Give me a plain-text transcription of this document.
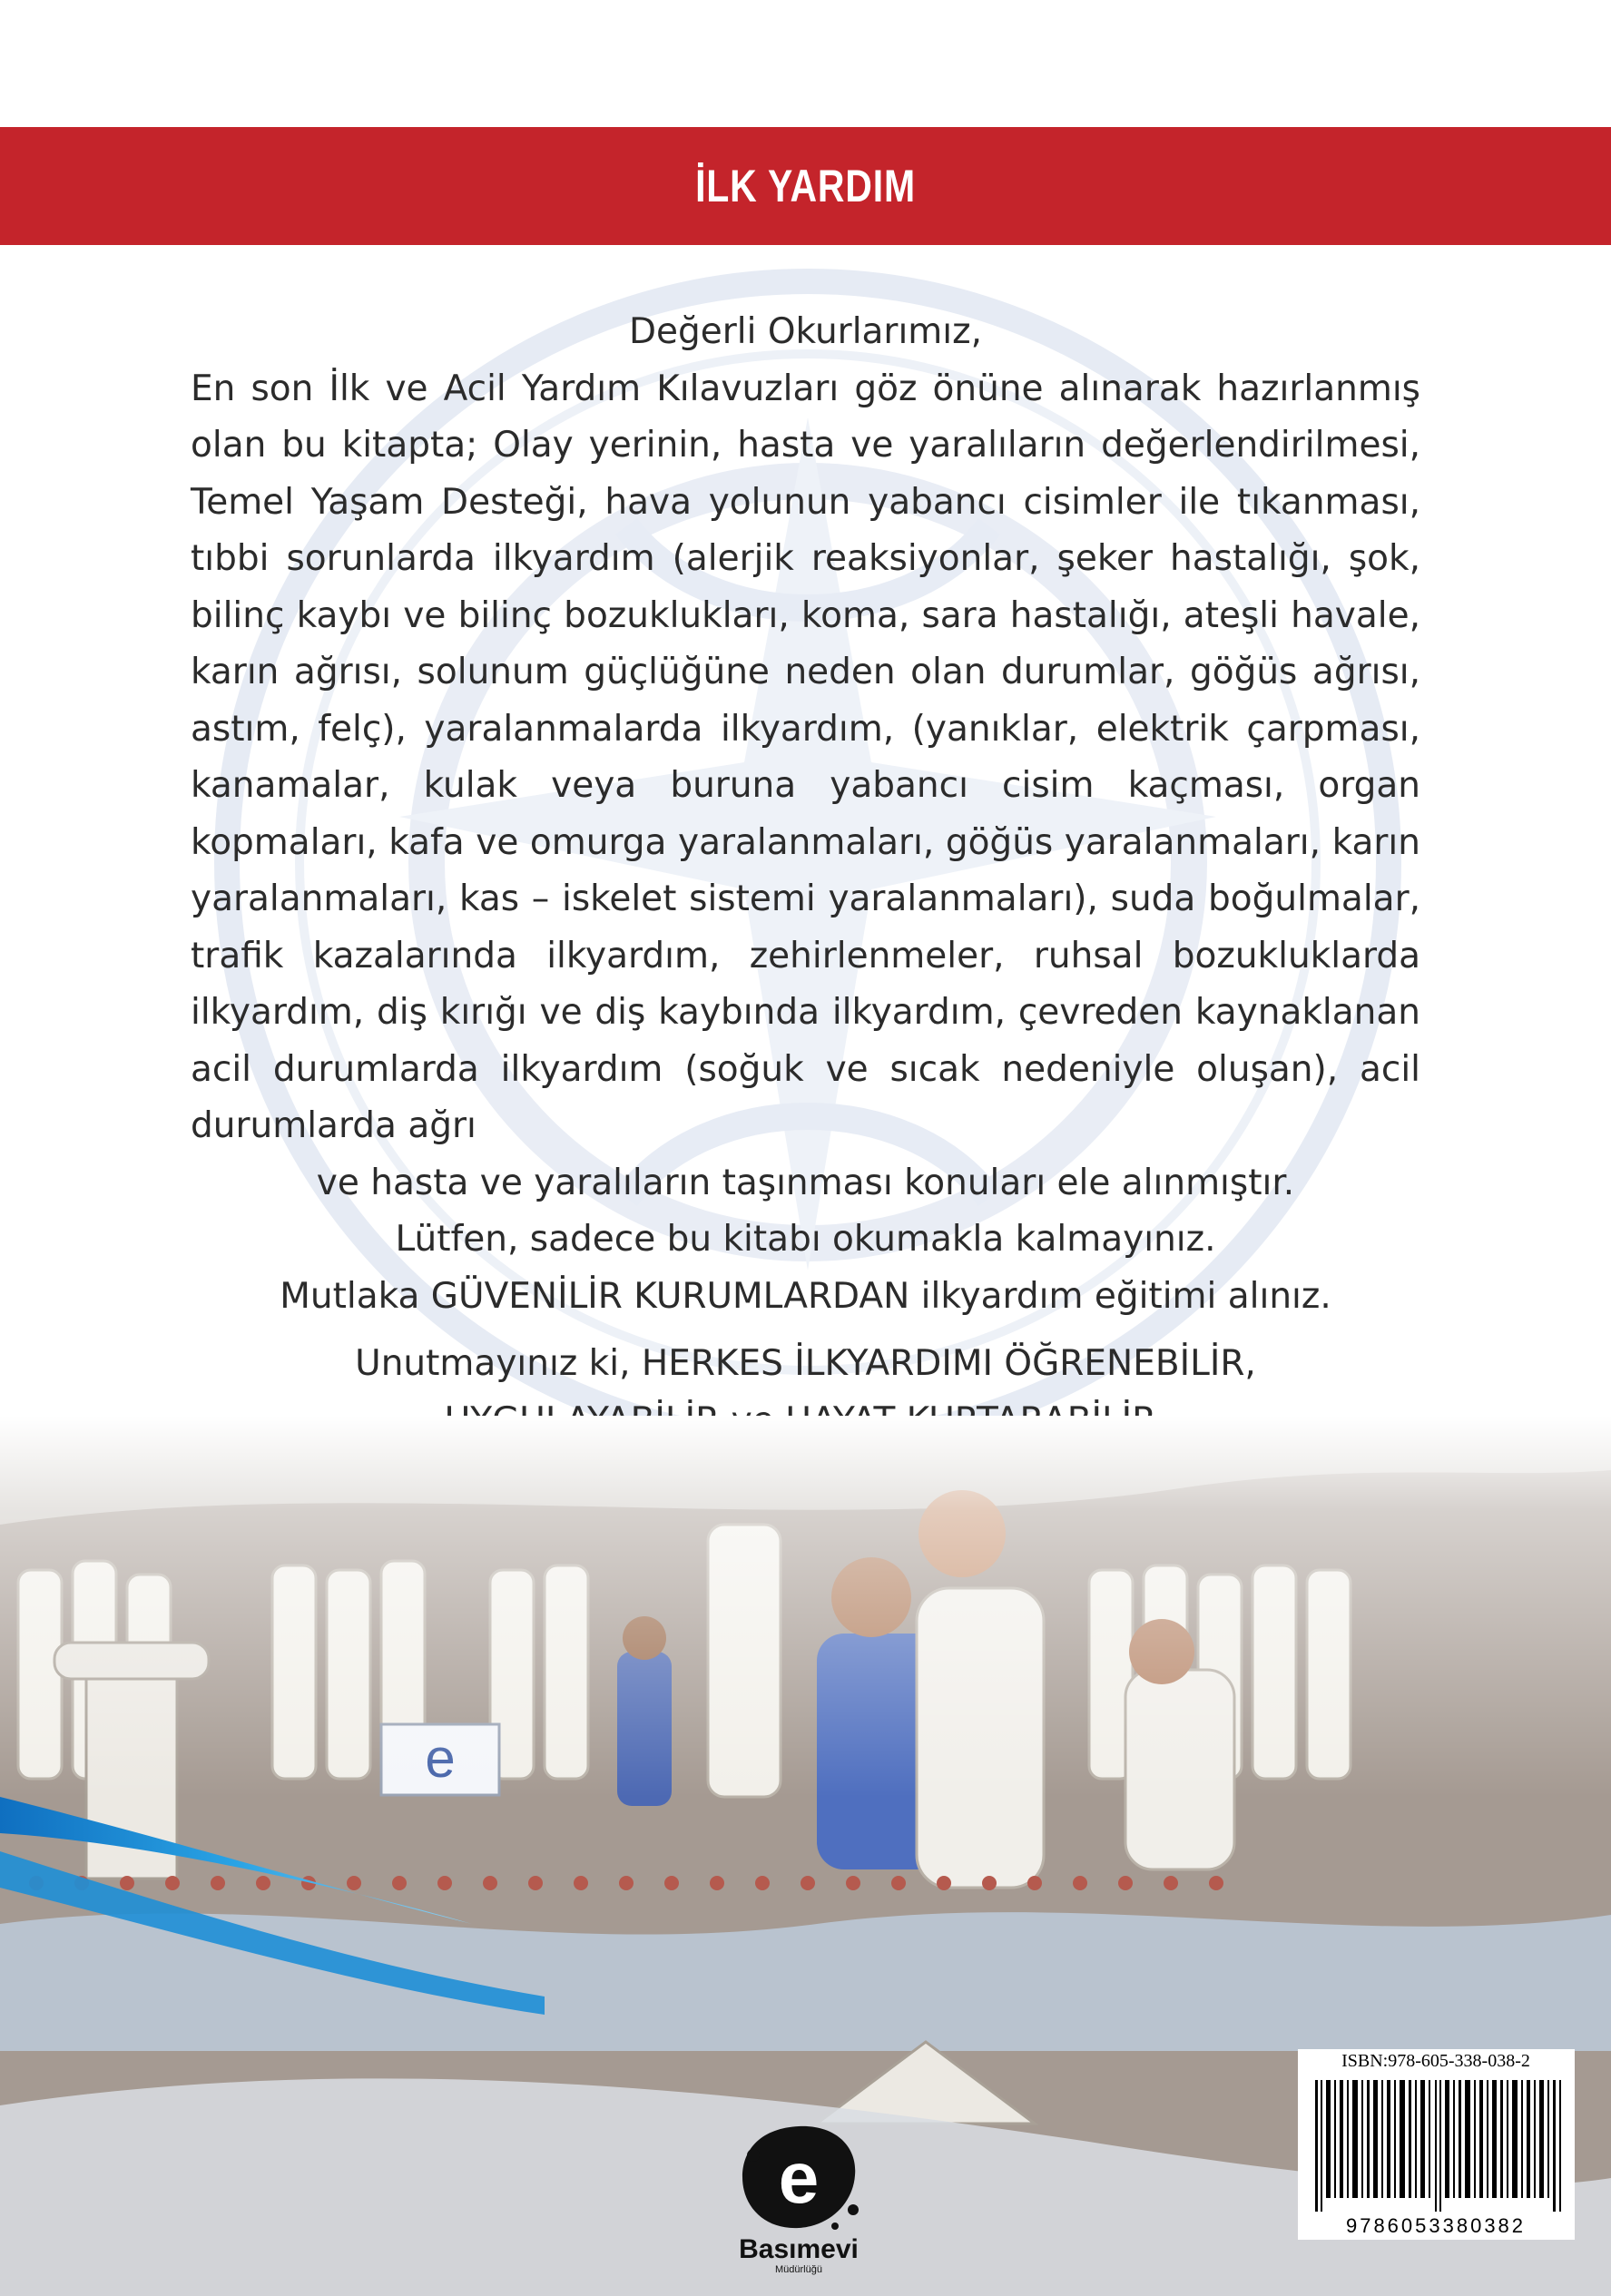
İLK YARDIM
Değerli Okurlarımız,
En son İlk ve Acil Yardım Kılavuzları göz önüne alınarak hazırlanmış olan bu kitapta; Olay yerinin, hasta ve yaralıların değerlendirilmesi, Temel Yaşam Desteği, hava yolunun yabancı cisimler ile tıkanması, tıbbi sorunlarda ilkyardım (alerjik reaksiyonlar, şeker hastalığı, şok, bilinç kaybı ve bilinç bozuklukları, koma, sara hastalığı, ateşli havale, karın ağrısı, solunum güçlüğüne neden olan durumlar, göğüs ağrısı, astım, felç), yaralanmalarda ilkyardım, (yanıklar, elektrik çarpması, kanamalar, kulak veya buruna yabancı cisim kaçması, organ kopmaları, kafa ve omurga yaralanmaları, göğüs yaralanmaları, karın yaralanmaları, kas – iskelet sistemi yaralanmaları), suda boğulmalar, trafik kazalarında ilkyardım, zehirlenmeler, ruhsal bozukluklarda ilkyardım, diş kırığı ve diş kaybında ilkyardım, çevreden kaynaklanan acil durumlarda ilkyardım (soğuk ve sıcak nedeniyle oluşan), acil durumlarda ağrı
ve hasta ve yaralıların taşınması konuları ele alınmıştır.
Lütfen, sadece bu kitabı okumakla kalmayınız.
Mutlaka GÜVENİLİR KURUMLARDAN ilkyardım eğitimi alınız.
Unutmayınız ki, HERKES İLKYARDIMI ÖĞRENEBİLİR,
ISBN:978-605-338-038-2
9786053380382
e
Basımevi
Müdürlüğü
